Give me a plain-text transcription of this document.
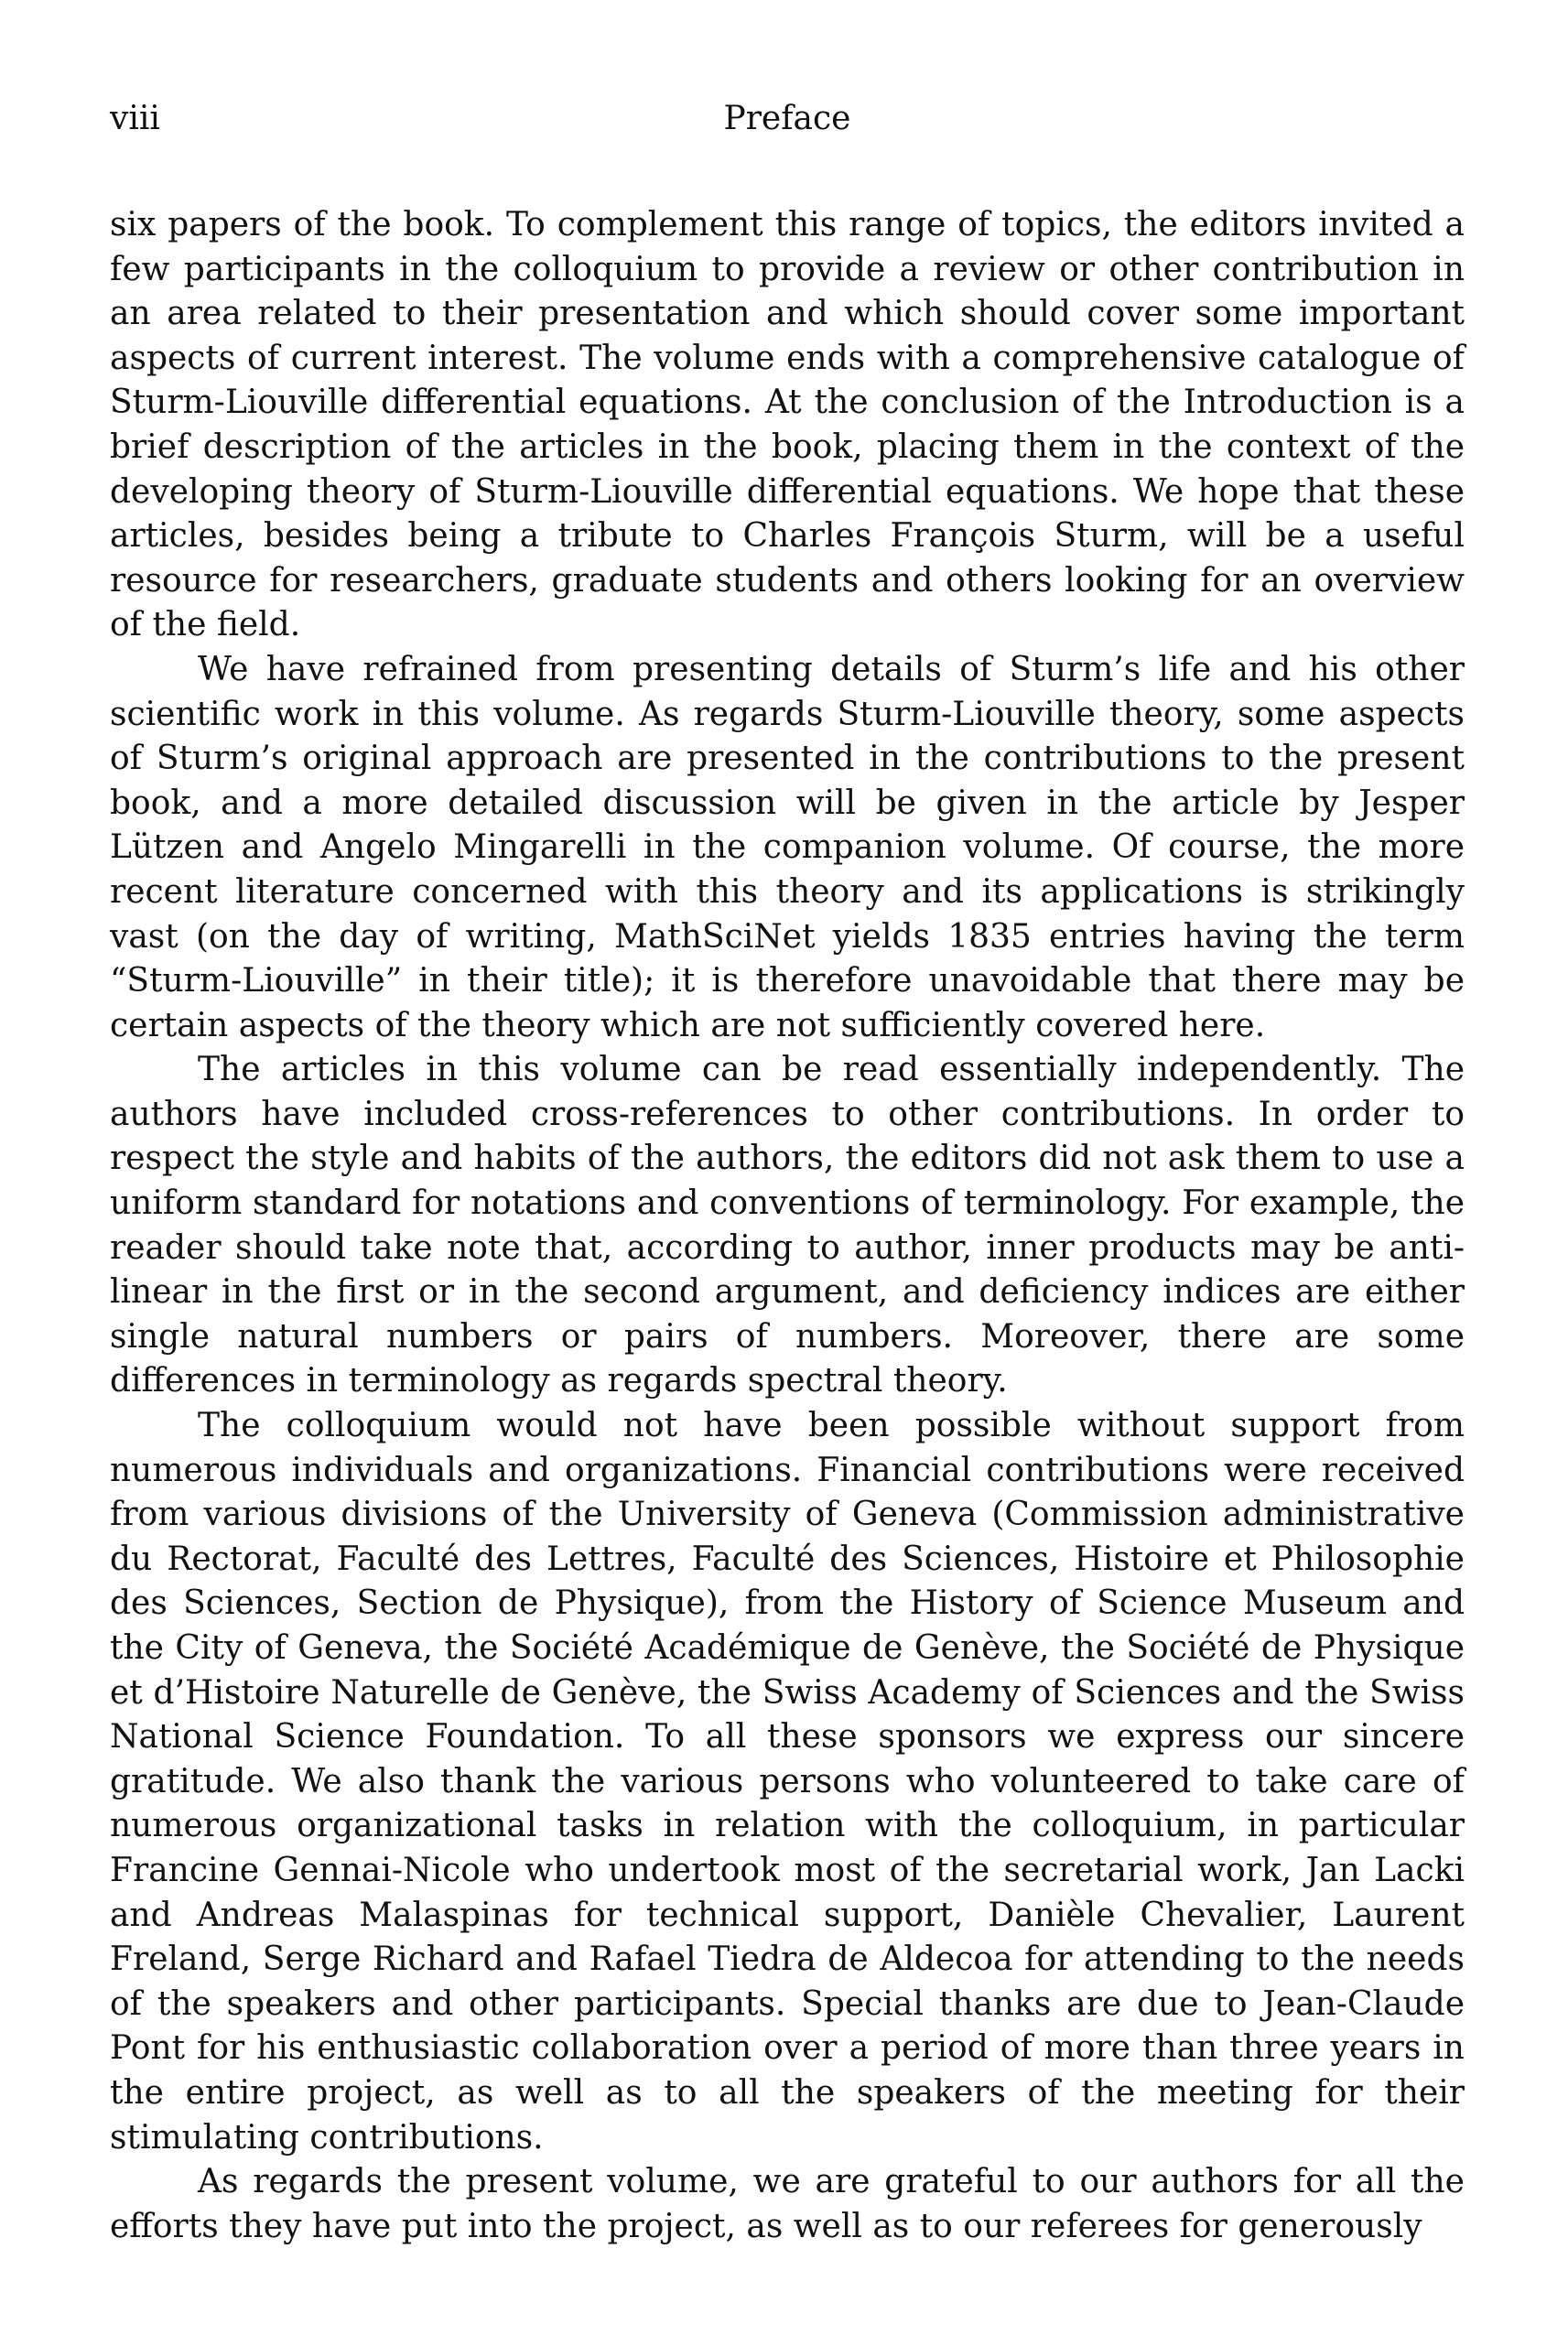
viii	Preface

six papers of the book. To complement this range of topics, the editors invited a few participants in the colloquium to provide a review or other contribution in an area related to their presentation and which should cover some important aspects of current interest. The volume ends with a comprehensive catalogue of Sturm-Liouville differential equations. At the conclusion of the Introduction is a brief description of the articles in the book, placing them in the context of the developing theory of Sturm-Liouville differential equations. We hope that these articles, besides being a tribute to Charles François Sturm, will be a useful resource for researchers, graduate students and others looking for an overview of the field.

We have refrained from presenting details of Sturm’s life and his other scientific work in this volume. As regards Sturm-Liouville theory, some aspects of Sturm’s original approach are presented in the contributions to the present book, and a more detailed discussion will be given in the article by Jesper Lützen and Angelo Mingarelli in the companion volume. Of course, the more recent literature concerned with this theory and its applications is strikingly vast (on the day of writing, MathSciNet yields 1835 entries having the term “Sturm-Liouville” in their title); it is therefore unavoidable that there may be certain aspects of the theory which are not sufficiently covered here.

The articles in this volume can be read essentially independently. The authors have included cross-references to other contributions. In order to respect the style and habits of the authors, the editors did not ask them to use a uniform standard for notations and conventions of terminology. For example, the reader should take note that, according to author, inner products may be anti-linear in the first or in the second argument, and deficiency indices are either single natural numbers or pairs of numbers. Moreover, there are some differences in terminology as regards spectral theory.

The colloquium would not have been possible without support from numerous individuals and organizations. Financial contributions were received from various divisions of the University of Geneva (Commission administrative du Rectorat, Faculté des Lettres, Faculté des Sciences, Histoire et Philosophie des Sciences, Section de Physique), from the History of Science Museum and the City of Geneva, the Société Académique de Genève, the Société de Physique et d’Histoire Naturelle de Genève, the Swiss Academy of Sciences and the Swiss National Science Foundation. To all these sponsors we express our sincere gratitude. We also thank the various persons who volunteered to take care of numerous organizational tasks in relation with the colloquium, in particular Francine Gennai-Nicole who undertook most of the secretarial work, Jan Lacki and Andreas Malaspinas for technical support, Danièle Chevalier, Laurent Freland, Serge Richard and Rafael Tiedra de Aldecoa for attending to the needs of the speakers and other participants. Special thanks are due to Jean-Claude Pont for his enthusiastic collaboration over a period of more than three years in the entire project, as well as to all the speakers of the meeting for their stimulating contributions.

As regards the present volume, we are grateful to our authors for all the efforts they have put into the project, as well as to our referees for generously
